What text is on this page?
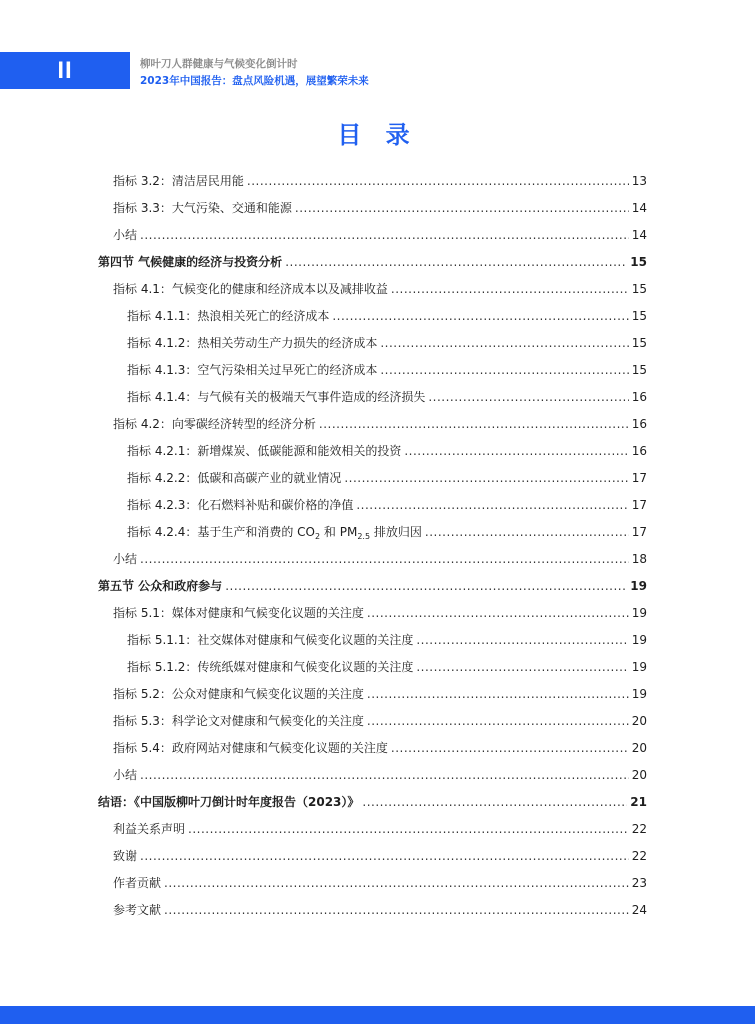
II	柳叶刀人群健康与气候变化倒计时
2023年中国报告：盘点风险机遇，展望繁荣未来
目 录
指标 3.2：清洁居民用能 .....	13
指标 3.3：大气污染、交通和能源 .....	14
小结 .....	14
第四节 气候健康的经济与投资分析 .....	15
指标 4.1：气候变化的健康和经济成本以及减排收益 .....	15
指标 4.1.1：热浪相关死亡的经济成本 .....	15
指标 4.1.2：热相关劳动生产力损失的经济成本 .....	15
指标 4.1.3：空气污染相关过早死亡的经济成本 .....	15
指标 4.1.4：与气候有关的极端天气事件造成的经济损失 .....	16
指标 4.2：向零碳经济转型的经济分析 .....	16
指标 4.2.1：新增煤炭、低碳能源和能效相关的投资 .....	16
指标 4.2.2：低碳和高碳产业的就业情况 .....	17
指标 4.2.3：化石燃料补贴和碳价格的净值 .....	17
指标 4.2.4：基于生产和消费的 $CO_2$ 和 $PM_{2.5}$ 排放归因 .....	17
小结 .....	18
第五节 公众和政府参与 .....	19
指标 5.1：媒体对健康和气候变化议题的关注度 .....	19
指标 5.1.1：社交媒体对健康和气候变化议题的关注度 .....	19
指标 5.1.2：传统纸媒对健康和气候变化议题的关注度 .....	19
指标 5.2：公众对健康和气候变化议题的关注度 .....	19
指标 5.3：科学论文对健康和气候变化的关注度 .....	20
指标 5.4：政府网站对健康和气候变化议题的关注度 .....	20
小结 .....	20
结语：《中国版柳叶刀倒计时年度报告（2023）》 .....	21
利益关系声明 .....	22
致谢 .....	22
作者贡献 .....	23
参考文献 .....	24
